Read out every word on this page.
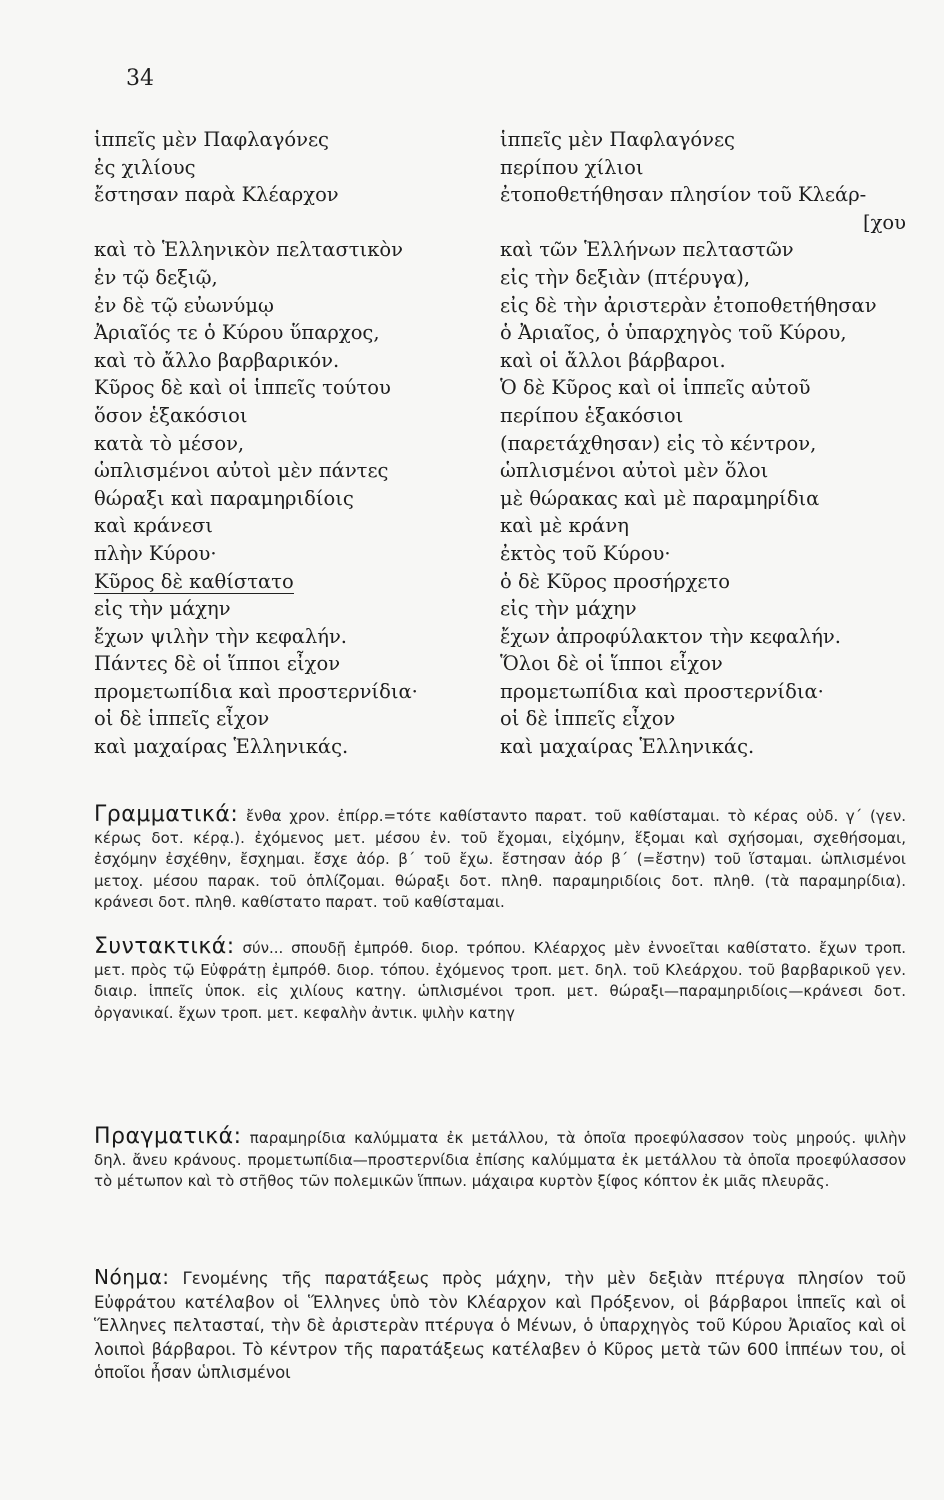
34
ἱππεῖς μὲν Παφλαγόνες
ἐς χιλίους
ἔστησαν παρὰ Κλέαρχον
καὶ τὸ Ἑλληνικὸν πελταστικὸν
ἐν τῷ δεξιῷ,
ἐν δὲ τῷ εὐωνύμῳ
Ἀριαῖός τε ὁ Κύρου ὕπαρχος,
καὶ τὸ ἄλλο βαρβαρικόν.
Κῦρος δὲ καὶ οἱ ἱππεῖς τούτου
ὅσον ἑξακόσιοι
κατὰ τὸ μέσον,
ὡπλισμένοι αὐτοὶ μὲν πάντες
θώραξι καὶ παραμηριδίοις
καὶ κράνεσι
πλὴν Κύρου·
Κῦρος δὲ καθίστατο
εἰς τὴν μάχην
ἔχων ψιλὴν τὴν κεφαλήν.
Πάντες δὲ οἱ ἵπποι εἶχον
προμετωπίδια καὶ προστερνίδια·
οἱ δὲ ἱππεῖς εἶχον
καὶ μαχαίρας Ἑλληνικάς.
ἱππεῖς μὲν Παφλαγόνες
περίπου χίλιοι
ἐτοποθετήθησαν πλησίον τοῦ Κλεάρ-
[χου
καὶ τῶν Ἑλλήνων πελταστῶν
εἰς τὴν δεξιὰν (πτέρυγα),
εἰς δὲ τὴν ἀριστερὰν ἐτοποθετήθησαν
ὁ Ἀριαῖος, ὁ ὑπαρχηγὸς τοῦ Κύρου,
καὶ οἱ ἄλλοι βάρβαροι.
Ὁ δὲ Κῦρος καὶ οἱ ἱππεῖς αὐτοῦ
περίπου ἑξακόσιοι
(παρετάχθησαν) εἰς τὸ κέντρον,
ὡπλισμένοι αὐτοὶ μὲν ὅλοι
μὲ θώρακας καὶ μὲ παραμηρίδια
καὶ μὲ κράνη
ἐκτὸς τοῦ Κύρου·
ὁ δὲ Κῦρος προσήρχετο
εἰς τὴν μάχην
ἔχων ἀπροφύλακτον τὴν κεφαλήν.
Ὅλοι δὲ οἱ ἵπποι εἶχον
προμετωπίδια καὶ προστερνίδια·
οἱ δὲ ἱππεῖς εἶχον
καὶ μαχαίρας Ἑλληνικάς.
Γραμματικά: ἔνθα χρον. ἐπίρρ.=τότε καθίσταντο παρατ. τοῦ καθίσταμαι. τὸ κέρας οὐδ. γ΄ (γεν. κέρως δοτ. κέρᾳ.). ἐχόμενος μετ. μέσου ἐν. τοῦ ἔχομαι, εἰχόμην, ἕξομαι καὶ σχήσομαι, σχεθήσομαι, ἐσχόμην ἐσχέθην, ἔσχημαι. ἔσχε ἀόρ. β΄ τοῦ ἔχω. ἔστησαν ἀόρ β΄ (=ἔστην) τοῦ ἵσταμαι. ὡπλισμένοι μετοχ. μέσου παρακ. τοῦ ὁπλίζομαι. θώραξι δοτ. πληθ. παραμηριδίοις δοτ. πληθ. (τὰ παραμηρίδια). κράνεσι δοτ. πληθ. καθίστατο παρατ. τοῦ καθίσταμαι.
Συντακτικά: σύν... σπουδῇ ἐμπρόθ. διορ. τρόπου. Κλέαρχος μὲν ἐννοεῖται καθίστατο. ἔχων τροπ. μετ. πρὸς τῷ Εὐφράτῃ ἐμπρόθ. διορ. τόπου. ἐχόμενος τροπ. μετ. δηλ. τοῦ Κλεάρχου. τοῦ βαρβαρικοῦ γεν. διαιρ. ἱππεῖς ὑποκ. εἰς χιλίους κατηγ. ὡπλισμένοι τροπ. μετ. θώραξι—παραμηριδίοις—κράνεσι δοτ. ὀργανικαί. ἔχων τροπ. μετ. κεφαλὴν ἀντικ. ψιλὴν κατηγ
Πραγματικά: παραμηρίδια καλύμματα ἐκ μετάλλου, τὰ ὁποῖα προεφύλασσον τοὺς μηρούς. ψιλὴν δηλ. ἄνευ κράνους. προμετωπίδια—προστερνίδια ἐπίσης καλύμματα ἐκ μετάλλου τὰ ὁποῖα προεφύλασσον τὸ μέτωπον καὶ τὸ στῆθος τῶν πολεμικῶν ἵππων. μάχαιρα κυρτὸν ξίφος κόπτον ἐκ μιᾶς πλευρᾶς.
Νόημα: Γενομένης τῆς παρατάξεως πρὸς μάχην, τὴν μὲν δεξιὰν πτέρυγα πλησίον τοῦ Εὐφράτου κατέλαβον οἱ Ἕλληνες ὑπὸ τὸν Κλέαρχον καὶ Πρόξενον, οἱ βάρβαροι ἱππεῖς καὶ οἱ Ἕλληνες πελτασταί, τὴν δὲ ἀριστερὰν πτέρυγα ὁ Μένων, ὁ ὑπαρχηγὸς τοῦ Κύρου Ἀριαῖος καὶ οἱ λοιποὶ βάρβαροι. Τὸ κέντρον τῆς παρατάξεως κατέλαβεν ὁ Κῦρος μετὰ τῶν 600 ἱππέων του, οἱ ὁποῖοι ἦσαν ὡπλισμένοι
